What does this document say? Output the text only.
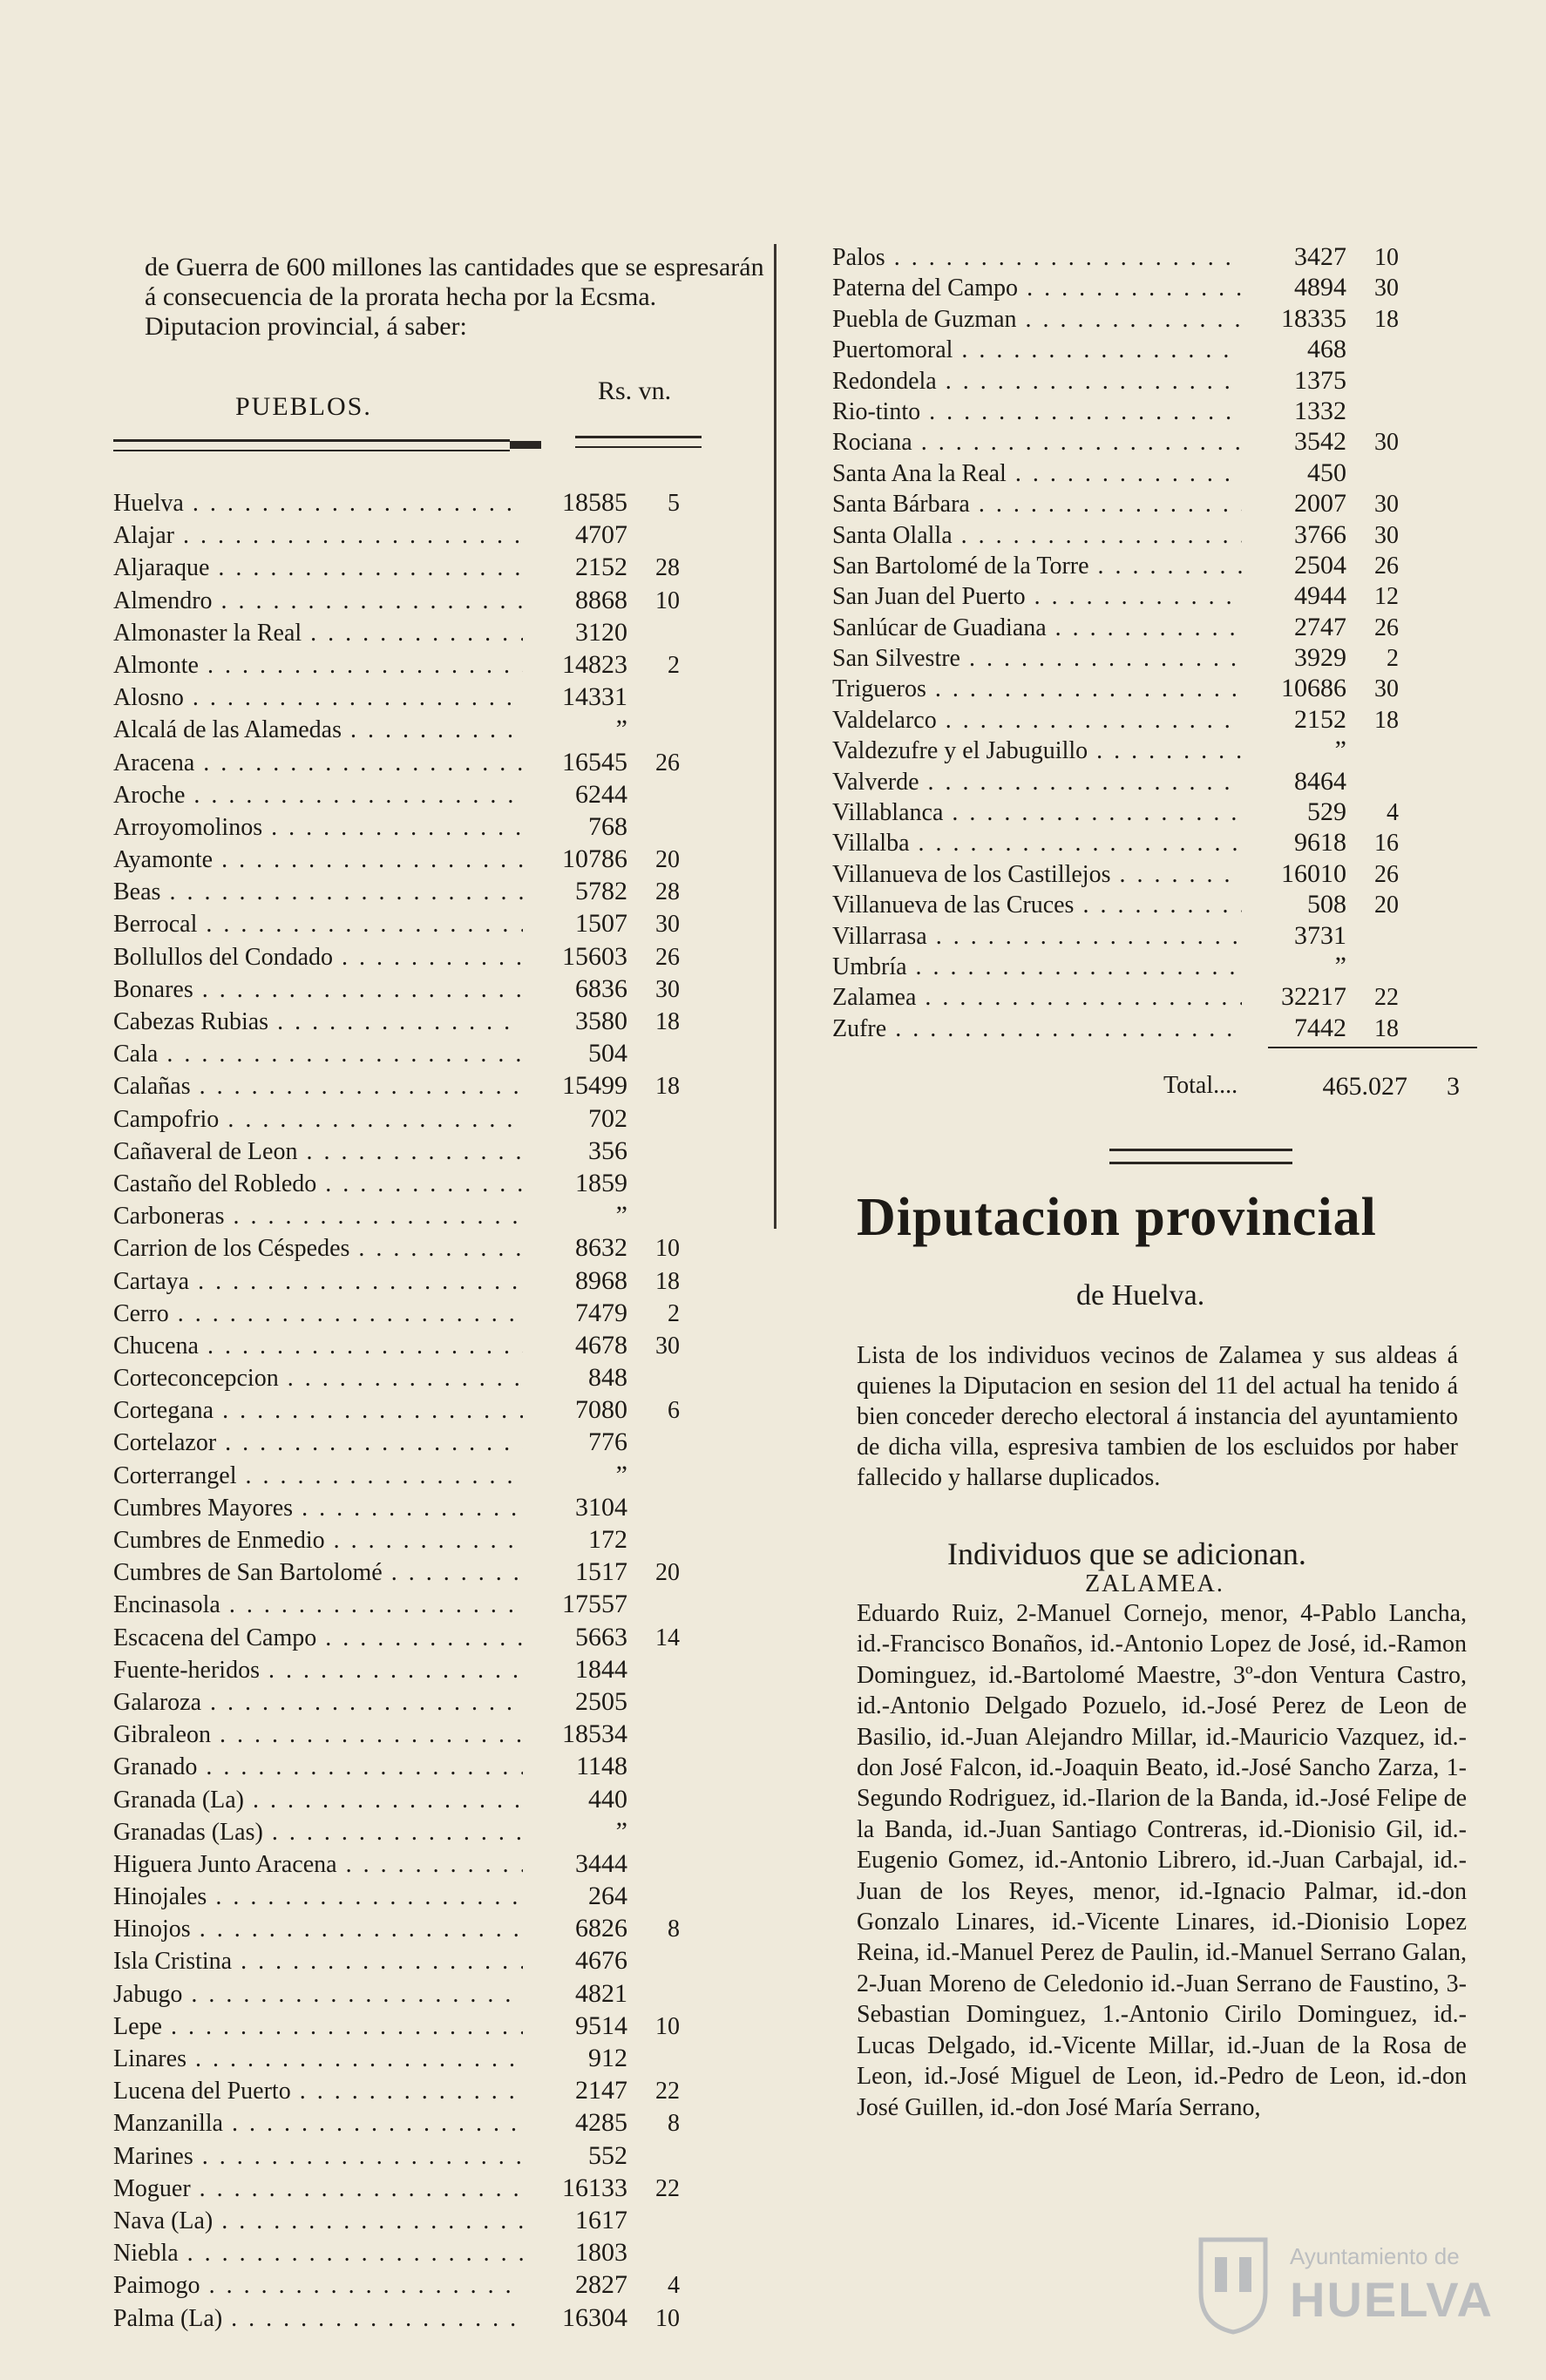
de Guerra de 600 millones las cantidades que se espresarán á consecuencia de la prorata hecha por la Ecsma. Diputacion provincial, á saber:
PUEBLOS.
Rs. vn.
Huelva . . .	18585	5
Alajar . . .	4707
Aljaraque . . .	2152	28
Almendro . . .	8868	10
Almonaster la Real . . .	3120
Almonte . . .	14823	2
Alosno . . .	14331
Alcalá de las Alamedas . . .	”
Aracena . . .	16545	26
Aroche . . .	6244
Arroyomolinos . . .	768
Ayamonte . . .	10786	20
Beas . . .	5782	28
Berrocal . . .	1507	30
Bollullos del Condado . . .	15603	26
Bonares . . .	6836	30
Cabezas Rubias . . .	3580	18
Cala . . .	504
Calañas . . .	15499	18
Campofrio . . .	702
Cañaveral de Leon . . .	356
Castaño del Robledo . . .	1859
Carboneras . . .	”
Carrion de los Céspedes . . .	8632	10
Cartaya . . .	8968	18
Cerro . . .	7479	2
Chucena . . .	4678	30
Corteconcepcion . . .	848
Cortegana . . .	7080	6
Cortelazor . . .	776
Corterrangel . . .	”
Cumbres Mayores . . .	3104
Cumbres de Enmedio . . .	172
Cumbres de San Bartolomé . . .	1517	20
Encinasola . . .	17557
Escacena del Campo . . .	5663	14
Fuente-heridos . . .	1844
Galaroza . . .	2505
Gibraleon . . .	18534
Granado . . .	1148
Granada (La) . . .	440
Granadas (Las) . . .	”
Higuera Junto Aracena . . .	3444
Hinojales . . .	264
Hinojos . . .	6826	8
Isla Cristina . . .	4676
Jabugo . . .	4821
Lepe . . .	9514	10
Linares . . .	912
Lucena del Puerto . . .	2147	22
Manzanilla . . .	4285	8
Marines . . .	552
Moguer . . .	16133	22
Nava (La) . . .	1617
Niebla . . .	1803
Paimogo . . .	2827	4
Palma (La) . . .	16304	10
Palos . . .	3427	10
Paterna del Campo . . .	4894	30
Puebla de Guzman . . .	18335	18
Puertomoral . . .	468
Redondela . . .	1375
Rio-tinto . . .	1332
Rociana . . .	3542	30
Santa Ana la Real . . .	450
Santa Bárbara . . .	2007	30
Santa Olalla . . .	3766	30
San Bartolomé de la Torre . . .	2504	26
San Juan del Puerto . . .	4944	12
Sanlúcar de Guadiana . . .	2747	26
San Silvestre . . .	3929	2
Trigueros . . .	10686	30
Valdelarco . . .	2152	18
Valdezufre y el Jabuguillo . . .	”
Valverde . . .	8464
Villablanca . . .	529	4
Villalba . . .	9618	16
Villanueva de los Castillejos . . .	16010	26
Villanueva de las Cruces . . .	508	20
Villarrasa . . .	3731
Umbría . . .	”
Zalamea . . .	32217	22
Zufre . . .	7442	18
Total....	465.027	3
Diputacion provincial
de Huelva.
Lista de los individuos vecinos de Zalamea y sus aldeas á quienes la Diputacion en sesion del 11 del actual ha tenido á bien conceder derecho electoral á instancia del ayuntamiento de dicha villa, espresiva tambien de los escluidos por haber fallecido y hallarse duplicados.
Individuos que se adicionan.
ZALAMEA.
Eduardo Ruiz, 2-Manuel Cornejo, menor, 4-Pablo Lancha, id.-Francisco Bonaños, id.-Antonio Lopez de José, id.-Ramon Dominguez, id.-Bartolomé Maestre, 3º-don Ventura Castro, id.-Antonio Delgado Pozuelo, id.-José Perez de Leon de Basilio, id.-Juan Alejandro Millar, id.-Mauricio Vazquez, id.-don José Falcon, id.-Joaquin Beato, id.-José Sancho Zarza, 1-Segundo Rodriguez, id.-Ilarion de la Banda, id.-José Felipe de la Banda, id.-Juan Santiago Contreras, id.-Dionisio Gil, id.-Eugenio Gomez, id.-Antonio Librero, id.-Juan Carbajal, id.-Juan de los Reyes, menor, id.-Ignacio Palmar, id.-don Gonzalo Linares, id.-Vicente Linares, id.-Dionisio Lopez Reina, id.-Manuel Perez de Paulin, id.-Manuel Serrano Galan, 2-Juan Moreno de Celedonio id.-Juan Serrano de Faustino, 3-Sebastian Dominguez, 1.-Antonio Cirilo Dominguez, id.-Lucas Delgado, id.-Vicente Millar, id.-Juan de la Rosa de Leon, id.-José Miguel de Leon, id.-Pedro de Leon, id.-don José Guillen, id.-don José María Serrano,
Ayuntamiento de
HUELVA
